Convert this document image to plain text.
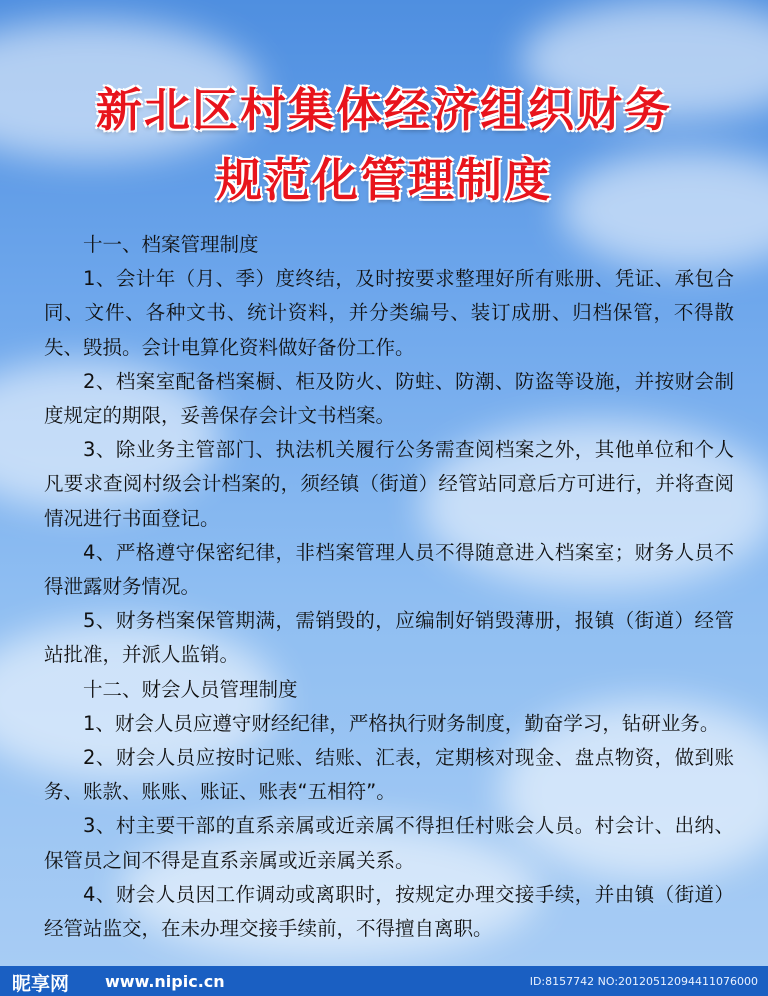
新北区村集体经济组织财务
规范化管理制度

十一、档案管理制度

1、会计年（月、季）度终结，及时按要求整理好所有账册、凭证、承包合同、文件、各种文书、统计资料，并分类编号、装订成册、归档保管，不得散失、毁损。会计电算化资料做好备份工作。

2、档案室配备档案橱、柜及防火、防蛀、防潮、防盗等设施，并按财会制度规定的期限，妥善保存会计文书档案。

3、除业务主管部门、执法机关履行公务需查阅档案之外，其他单位和个人凡要求查阅村级会计档案的，须经镇（街道）经管站同意后方可进行，并将查阅情况进行书面登记。

4、严格遵守保密纪律，非档案管理人员不得随意进入档案室；财务人员不得泄露财务情况。

5、财务档案保管期满，需销毁的，应编制好销毁薄册，报镇（街道）经管站批准，并派人监销。

十二、财会人员管理制度

1、财会人员应遵守财经纪律，严格执行财务制度，勤奋学习，钻研业务。

2、财会人员应按时记账、结账、汇表，定期核对现金、盘点物资，做到账务、账款、账账、账证、账表“五相符”。

3、村主要干部的直系亲属或近亲属不得担任村账会人员。村会计、出纳、保管员之间不得是直系亲属或近亲属关系。

4、财会人员因工作调动或离职时，按规定办理交接手续，并由镇（街道）经管站监交，在未办理交接手续前，不得擅自离职。

昵享网 www.nipic.cn	ID:8157742 NO:20120512094411076000
